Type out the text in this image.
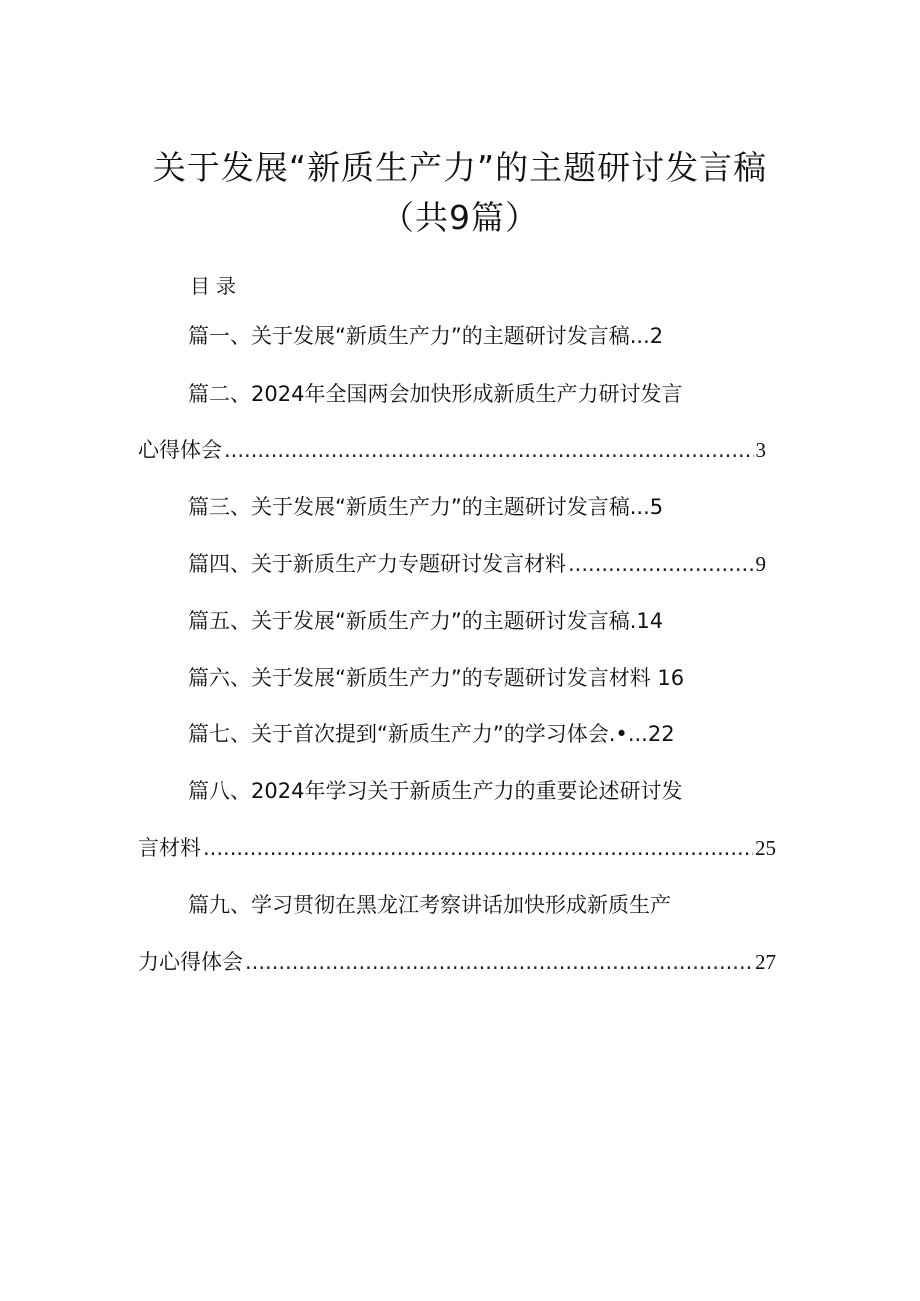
关于发展“新质生产力”的主题研讨发言稿
（共9篇）
目录
篇一、关于发展“新质生产力”的主题研讨发言稿...2
篇二、2024年全国两会加快形成新质生产力研讨发言
心得体会 .....	3
篇三、关于发展“新质生产力”的主题研讨发言稿...5
篇四、关于新质生产力专题研讨发言材料 .....	9
篇五、关于发展“新质生产力”的主题研讨发言稿.14
篇六、关于发展“新质生产力”的专题研讨发言材料 16
篇七、关于首次提到“新质生产力”的学习体会.•...22
篇八、2024年学习关于新质生产力的重要论述研讨发
言材料 .....	25
篇九、学习贯彻在黑龙江考察讲话加快形成新质生产
力心得体会 .....	27
